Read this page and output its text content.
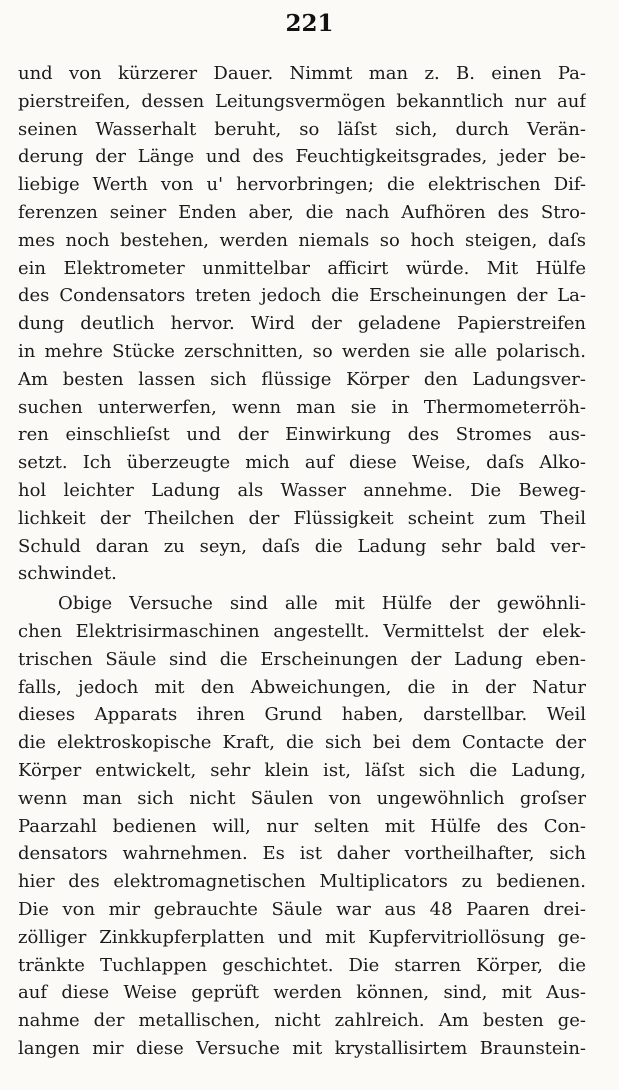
221
und von kürzerer Dauer. Nimmt man z. B. einen Pa-
pierstreifen, dessen Leitungsvermögen bekanntlich nur auf
seinen Wasserhalt beruht, so läſst sich, durch Verän-
derung der Länge und des Feuchtigkeitsgrades, jeder be-
liebige Werth von u' hervorbringen; die elektrischen Dif-
ferenzen seiner Enden aber, die nach Aufhören des Stro-
mes noch bestehen, werden niemals so hoch steigen, daſs
ein Elektrometer unmittelbar afficirt würde. Mit Hülfe
des Condensators treten jedoch die Erscheinungen der La-
dung deutlich hervor. Wird der geladene Papierstreifen
in mehre Stücke zerschnitten, so werden sie alle polarisch.
Am besten lassen sich flüssige Körper den Ladungsver-
suchen unterwerfen, wenn man sie in Thermometerröh-
ren einschlieſst und der Einwirkung des Stromes aus-
setzt. Ich überzeugte mich auf diese Weise, daſs Alko-
hol leichter Ladung als Wasser annehme. Die Beweg-
lichkeit der Theilchen der Flüssigkeit scheint zum Theil
Schuld daran zu seyn, daſs die Ladung sehr bald ver-
schwindet.
Obige Versuche sind alle mit Hülfe der gewöhnli-
chen Elektrisirmaschinen angestellt. Vermittelst der elek-
trischen Säule sind die Erscheinungen der Ladung eben-
falls, jedoch mit den Abweichungen, die in der Natur
dieses Apparats ihren Grund haben, darstellbar. Weil
die elektroskopische Kraft, die sich bei dem Contacte der
Körper entwickelt, sehr klein ist, läſst sich die Ladung,
wenn man sich nicht Säulen von ungewöhnlich groſser
Paarzahl bedienen will, nur selten mit Hülfe des Con-
densators wahrnehmen. Es ist daher vortheilhafter, sich
hier des elektromagnetischen Multiplicators zu bedienen.
Die von mir gebrauchte Säule war aus 48 Paaren drei-
zölliger Zinkkupferplatten und mit Kupfervitriollösung ge-
tränkte Tuchlappen geschichtet. Die starren Körper, die
auf diese Weise geprüft werden können, sind, mit Aus-
nahme der metallischen, nicht zahlreich. Am besten ge-
langen mir diese Versuche mit krystallisirtem Braunstein-
